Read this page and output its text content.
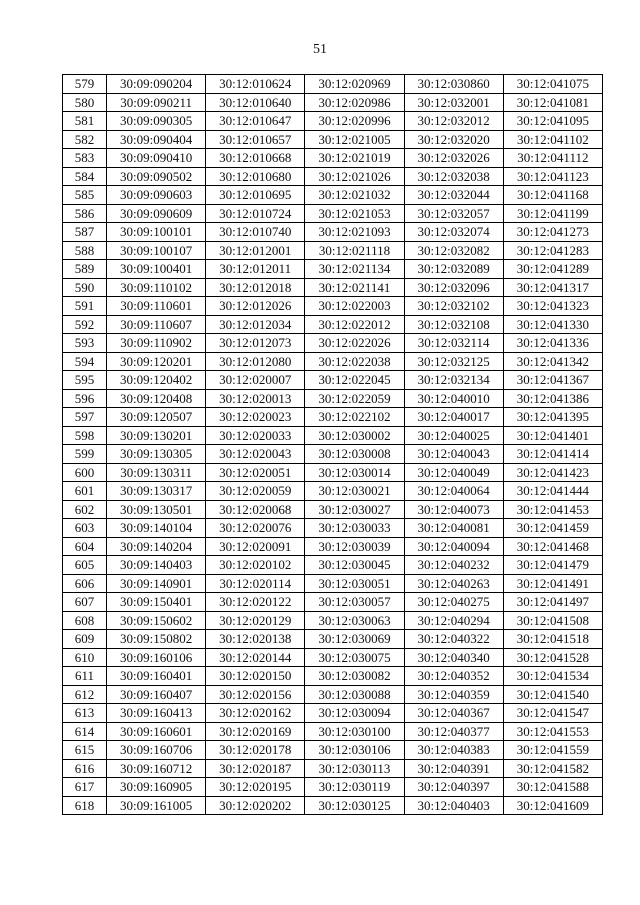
51
579	30:09:090204	30:12:010624	30:12:020969	30:12:030860	30:12:041075
580	30:09:090211	30:12:010640	30:12:020986	30:12:032001	30:12:041081
581	30:09:090305	30:12:010647	30:12:020996	30:12:032012	30:12:041095
582	30:09:090404	30:12:010657	30:12:021005	30:12:032020	30:12:041102
583	30:09:090410	30:12:010668	30:12:021019	30:12:032026	30:12:041112
584	30:09:090502	30:12:010680	30:12:021026	30:12:032038	30:12:041123
585	30:09:090603	30:12:010695	30:12:021032	30:12:032044	30:12:041168
586	30:09:090609	30:12:010724	30:12:021053	30:12:032057	30:12:041199
587	30:09:100101	30:12:010740	30:12:021093	30:12:032074	30:12:041273
588	30:09:100107	30:12:012001	30:12:021118	30:12:032082	30:12:041283
589	30:09:100401	30:12:012011	30:12:021134	30:12:032089	30:12:041289
590	30:09:110102	30:12:012018	30:12:021141	30:12:032096	30:12:041317
591	30:09:110601	30:12:012026	30:12:022003	30:12:032102	30:12:041323
592	30:09:110607	30:12:012034	30:12:022012	30:12:032108	30:12:041330
593	30:09:110902	30:12:012073	30:12:022026	30:12:032114	30:12:041336
594	30:09:120201	30:12:012080	30:12:022038	30:12:032125	30:12:041342
595	30:09:120402	30:12:020007	30:12:022045	30:12:032134	30:12:041367
596	30:09:120408	30:12:020013	30:12:022059	30:12:040010	30:12:041386
597	30:09:120507	30:12:020023	30:12:022102	30:12:040017	30:12:041395
598	30:09:130201	30:12:020033	30:12:030002	30:12:040025	30:12:041401
599	30:09:130305	30:12:020043	30:12:030008	30:12:040043	30:12:041414
600	30:09:130311	30:12:020051	30:12:030014	30:12:040049	30:12:041423
601	30:09:130317	30:12:020059	30:12:030021	30:12:040064	30:12:041444
602	30:09:130501	30:12:020068	30:12:030027	30:12:040073	30:12:041453
603	30:09:140104	30:12:020076	30:12:030033	30:12:040081	30:12:041459
604	30:09:140204	30:12:020091	30:12:030039	30:12:040094	30:12:041468
605	30:09:140403	30:12:020102	30:12:030045	30:12:040232	30:12:041479
606	30:09:140901	30:12:020114	30:12:030051	30:12:040263	30:12:041491
607	30:09:150401	30:12:020122	30:12:030057	30:12:040275	30:12:041497
608	30:09:150602	30:12:020129	30:12:030063	30:12:040294	30:12:041508
609	30:09:150802	30:12:020138	30:12:030069	30:12:040322	30:12:041518
610	30:09:160106	30:12:020144	30:12:030075	30:12:040340	30:12:041528
611	30:09:160401	30:12:020150	30:12:030082	30:12:040352	30:12:041534
612	30:09:160407	30:12:020156	30:12:030088	30:12:040359	30:12:041540
613	30:09:160413	30:12:020162	30:12:030094	30:12:040367	30:12:041547
614	30:09:160601	30:12:020169	30:12:030100	30:12:040377	30:12:041553
615	30:09:160706	30:12:020178	30:12:030106	30:12:040383	30:12:041559
616	30:09:160712	30:12:020187	30:12:030113	30:12:040391	30:12:041582
617	30:09:160905	30:12:020195	30:12:030119	30:12:040397	30:12:041588
618	30:09:161005	30:12:020202	30:12:030125	30:12:040403	30:12:041609
